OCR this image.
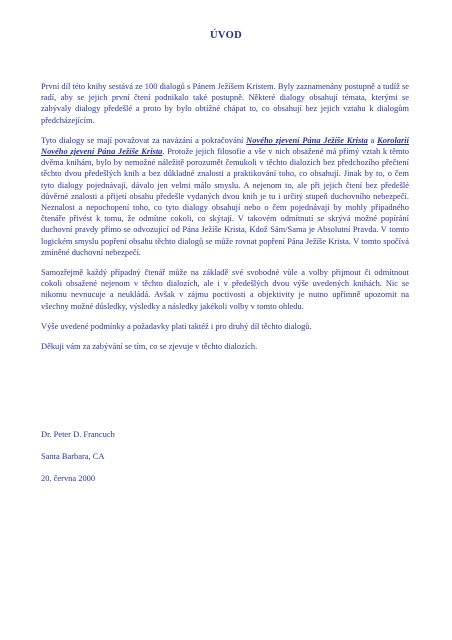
ÚVOD

První díl této knihy sestává ze 100 dialogů s Pánem Ježíšem Kristem. Byly zaznamenány postupně a tudíž se radí, aby se jejich první čtení podnikalo také postupně. Některé dialogy obsahují témata, kterými se zabývaly dialogy předešlé a proto by bylo obtížné chápat to, co obsahují bez jejich vztahu k dialogům předcházejícím.

Tyto dialogy se mají považovat za navázání a pokračování Nového zjevení Pána Ježíše Krista a Korolarií Nového zjevení Pána Ježíše Krista. Protože jejich filosofie a vše v nich obsažené má přímý vztah k těmto dvěma knihám, bylo by nemožné náležitě porozumět čemukoli v těchto dialozích bez předchozího přečtení těchto dvou předešlých knih a bez důkladné znalosti a praktikování toho, co obsahují. Jinak by to, o čem tyto dialogy pojednávají, dávalo jen velmi málo smyslu. A nejenom to, ale při jejich čtení bez předešlé důvěrné znalosti a přijetí obsahu předešle vydaných dvou knih je tu i určitý stupeň duchovního nebezpečí. Neznalost a nepochopení toho, co tyto dialogy obsahují nebo o čem pojednávají by mohly případného čtenáře přivést k tomu, že odmítne cokoli, co skýtají. V takovém odmítnutí se skrývá možné popírání duchovní pravdy přímo se odvozující od Pána Ježíše Krista, Kdož Sám/Sama je Absolutní Pravda. V tomto logickém smyslu popření obsahu těchto dialogů se může rovnat popření Pána Ježíše Krista. V tomto spočívá zmíněné duchovní nebezpečí.

Samozřejmě každý případný čtenář může na základě své svobodné vůle a volby přijmout či odmítnout cokoli obsažené nejenom v těchto dialozích, ale i v předešlých dvou výše uvedených knihách. Nic se nikomu nevnucuje a neukládá. Avšak v zájmu poctivosti a objektivity je nutno upřímně upozornit na všechny možné důsledky, výsledky a následky jakékoli volby v tomto ohledu.

Výše uvedené podmínky a požadavky platí taktéž i pro druhý díl těchto dialogů.

Děkuji vám za zabývání se tím, co se zjevuje v těchto dialozích.

Dr. Peter D. Francuch
Santa Barbara, CA
20. června 2000
